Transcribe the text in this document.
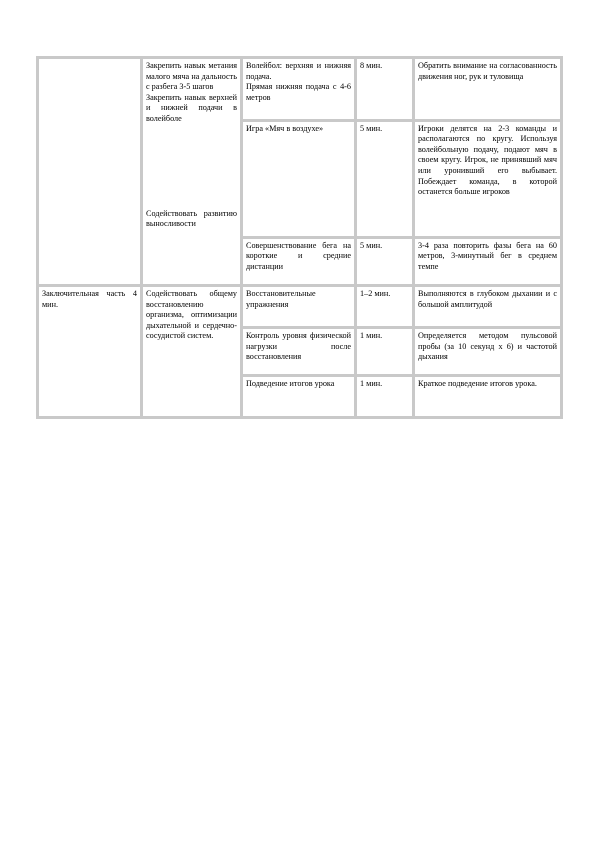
	Закрепить навык метания малого мяча на дальность с разбега 3-5 шагов
Закрепить навык верхней и нижней подачи в волейболе
Содействовать развитию выносливости	Волейбол: верхняя и нижняя подача.
Прямая нижняя подача с 4-6 метров	8 мин.	Обратить внимание на согласованность движения ног, рук и туловища
		Игра «Мяч в воздухе»	5 мин.	Игроки делятся на 2-3 команды и располагаются по кругу. Используя волейбольную подачу, подают мяч в своем кругу. Игрок, не принявший мяч или уронивший его выбывает. Побеждает команда, в которой останется больше игроков
		Совершенствование бега на короткие и средние дистанции	5 мин.	3-4 раза повторить фазы бега на 60 метров, 3-минутный бег в среднем темпе
Заключительная часть 4 мин.	Содействовать общему восстановлению организма, оптимизации дыхательной и сердечно-сосудистой систем.	Восстановительные упражнения	1–2 мин.	Выполняются в глубоком дыхании и с большой амплитудой
		Контроль уровня физической нагрузки после восстановления	1 мин.	Определяется методом пульсовой пробы (за 10 секунд х 6) и частотой дыхания
		Подведение итогов урока	1 мин.	Краткое подведение итогов урока.
